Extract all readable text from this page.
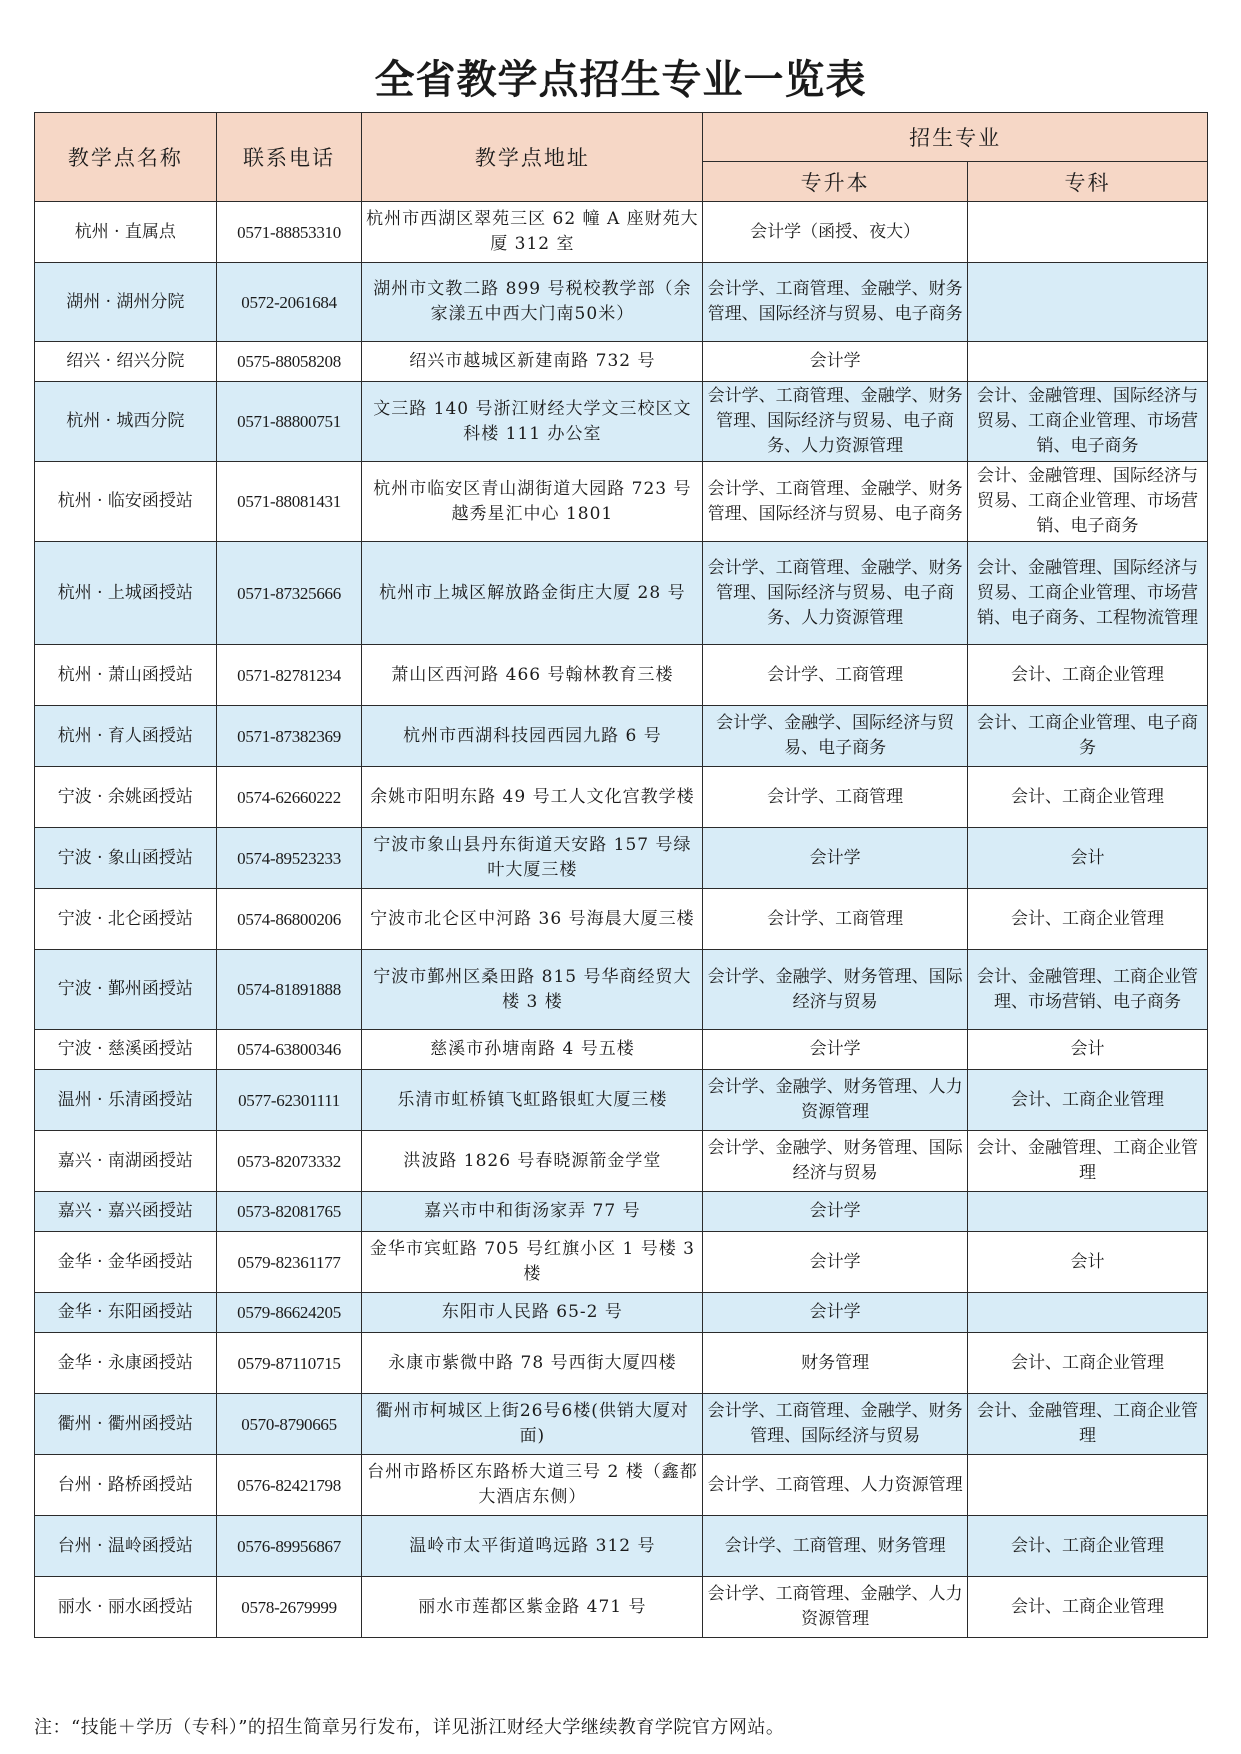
全省教学点招生专业一览表
教学点名称	联系电话	教学点地址	招生专业	
			专升本	专科
杭州 · 直属点	0571-88853310	杭州市西湖区翠苑三区 62 幢 A 座财苑大厦 312 室	会计学（函授、夜大）	
湖州 · 湖州分院	0572-2061684	湖州市文教二路 899 号税校教学部（余家漾五中西大门南50米）	会计学、工商管理、金融学、财务管理、国际经济与贸易、电子商务	
绍兴 · 绍兴分院	0575-88058208	绍兴市越城区新建南路 732 号	会计学	
杭州 · 城西分院	0571-88800751	文三路 140 号浙江财经大学文三校区文科楼 111 办公室	会计学、工商管理、金融学、财务管理、国际经济与贸易、电子商务、人力资源管理	会计、金融管理、国际经济与贸易、工商企业管理、市场营销、电子商务
杭州 · 临安函授站	0571-88081431	杭州市临安区青山湖街道大园路 723 号越秀星汇中心 1801	会计学、工商管理、金融学、财务管理、国际经济与贸易、电子商务	会计、金融管理、国际经济与贸易、工商企业管理、市场营销、电子商务
杭州 · 上城函授站	0571-87325666	杭州市上城区解放路金街庄大厦 28 号	会计学、工商管理、金融学、财务管理、国际经济与贸易、电子商务、人力资源管理	会计、金融管理、国际经济与贸易、工商企业管理、市场营销、电子商务、工程物流管理
杭州 · 萧山函授站	0571-82781234	萧山区西河路 466 号翰林教育三楼	会计学、工商管理	会计、工商企业管理
杭州 · 育人函授站	0571-87382369	杭州市西湖科技园西园九路 6 号	会计学、金融学、国际经济与贸易、电子商务	会计、工商企业管理、电子商务
宁波 · 余姚函授站	0574-62660222	余姚市阳明东路 49 号工人文化宫教学楼	会计学、工商管理	会计、工商企业管理
宁波 · 象山函授站	0574-89523233	宁波市象山县丹东街道天安路 157 号绿叶大厦三楼	会计学	会计
宁波 · 北仑函授站	0574-86800206	宁波市北仑区中河路 36 号海晨大厦三楼	会计学、工商管理	会计、工商企业管理
宁波 · 鄞州函授站	0574-81891888	宁波市鄞州区桑田路 815 号华商经贸大楼 3 楼	会计学、金融学、财务管理、国际经济与贸易	会计、金融管理、工商企业管理、市场营销、电子商务
宁波 · 慈溪函授站	0574-63800346	慈溪市孙塘南路 4 号五楼	会计学	会计
温州 · 乐清函授站	0577-62301111	乐清市虹桥镇飞虹路银虹大厦三楼	会计学、金融学、财务管理、人力资源管理	会计、工商企业管理
嘉兴 · 南湖函授站	0573-82073332	洪波路 1826 号春晓源箭金学堂	会计学、金融学、财务管理、国际经济与贸易	会计、金融管理、工商企业管理
嘉兴 · 嘉兴函授站	0573-82081765	嘉兴市中和街汤家弄 77 号	会计学	
金华 · 金华函授站	0579-82361177	金华市宾虹路 705 号红旗小区 1 号楼 3 楼	会计学	会计
金华 · 东阳函授站	0579-86624205	东阳市人民路 65-2 号	会计学	
金华 · 永康函授站	0579-87110715	永康市紫微中路 78 号西街大厦四楼	财务管理	会计、工商企业管理
衢州 · 衢州函授站	0570-8790665	衢州市柯城区上街26号6楼(供销大厦对面)	会计学、工商管理、金融学、财务管理、国际经济与贸易	会计、金融管理、工商企业管理
台州 · 路桥函授站	0576-82421798	台州市路桥区东路桥大道三号 2 楼（鑫都大酒店东侧）	会计学、工商管理、人力资源管理	
台州 · 温岭函授站	0576-89956867	温岭市太平街道鸣远路 312 号	会计学、工商管理、财务管理	会计、工商企业管理
丽水 · 丽水函授站	0578-2679999	丽水市莲都区紫金路 471 号	会计学、工商管理、金融学、人力资源管理	会计、工商企业管理
注：“技能＋学历（专科）”的招生简章另行发布，详见浙江财经大学继续教育学院官方网站。
